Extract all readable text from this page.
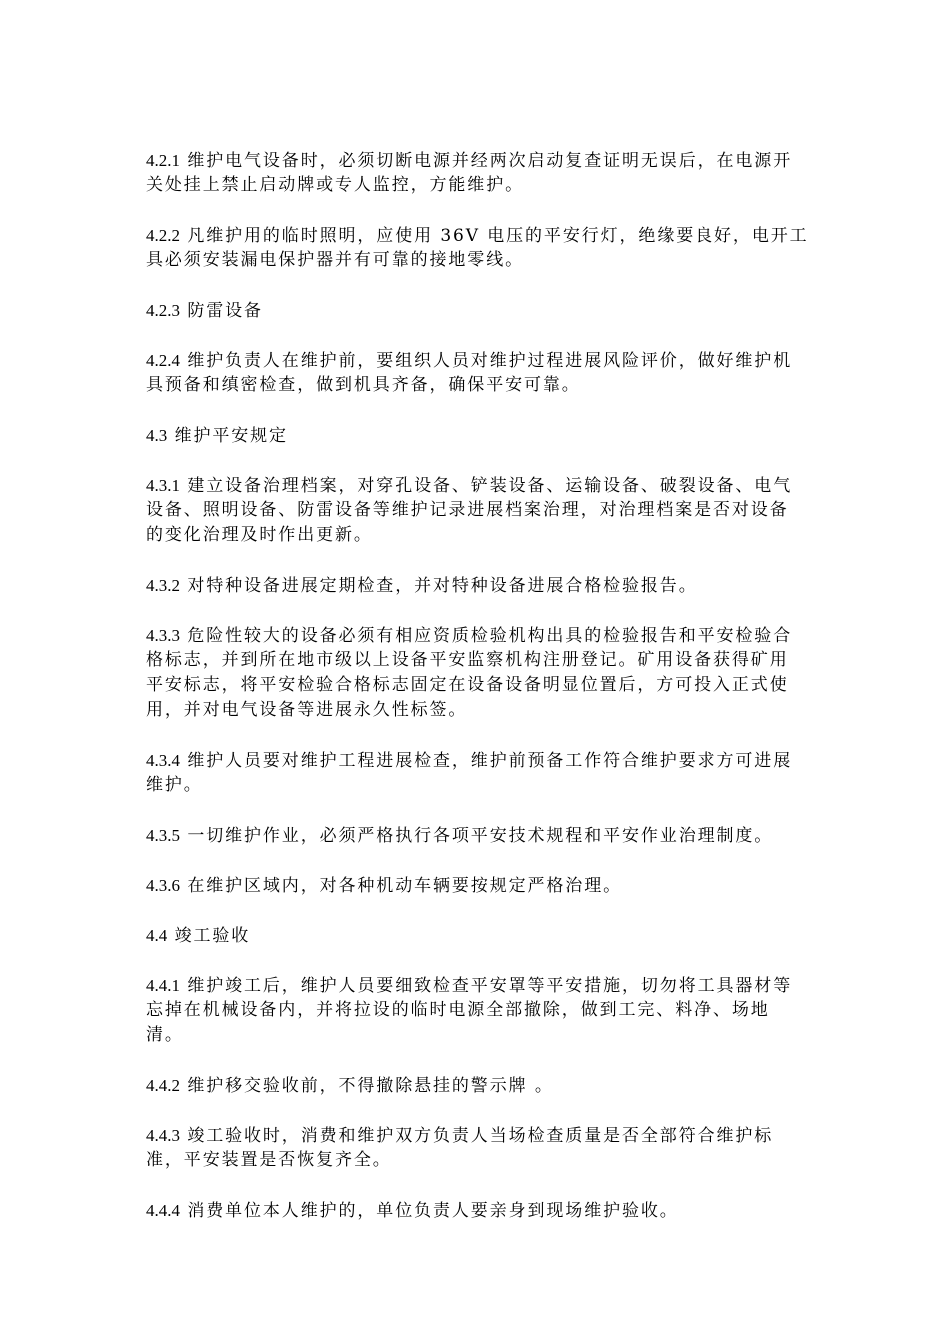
4.2.1 维护电气设备时，必须切断电源并经两次启动复查证明无误后，在电源开
关处挂上禁止启动牌或专人监控，方能维护。

4.2.2 凡维护用的临时照明，应使用 36V 电压的平安行灯，绝缘要良好，电开工
具必须安装漏电保护器并有可靠的接地零线。

4.2.3 防雷设备

4.2.4 维护负责人在维护前，要组织人员对维护过程进展风险评价，做好维护机
具预备和缜密检查，做到机具齐备，确保平安可靠。

4.3 维护平安规定

4.3.1 建立设备治理档案，对穿孔设备、铲装设备、运输设备、破裂设备、电气
设备、照明设备、防雷设备等维护记录进展档案治理，对治理档案是否对设备
的变化治理及时作出更新。

4.3.2 对特种设备进展定期检查，并对特种设备进展合格检验报告。

4.3.3 危险性较大的设备必须有相应资质检验机构出具的检验报告和平安检验合
格标志，并到所在地市级以上设备平安监察机构注册登记。矿用设备获得矿用
平安标志，将平安检验合格标志固定在设备设备明显位置后，方可投入正式使
用，并对电气设备等进展永久性标签。

4.3.4 维护人员要对维护工程进展检查，维护前预备工作符合维护要求方可进展
维护。

4.3.5 一切维护作业，必须严格执行各项平安技术规程和平安作业治理制度。

4.3.6 在维护区域内，对各种机动车辆要按规定严格治理。

4.4 竣工验收

4.4.1 维护竣工后，维护人员要细致检查平安罩等平安措施，切勿将工具器材等
忘掉在机械设备内，并将拉设的临时电源全部撤除，做到工完、料净、场地
清。

4.4.2 维护移交验收前，不得撤除悬挂的警示牌 。

4.4.3 竣工验收时，消费和维护双方负责人当场检查质量是否全部符合维护标
准，平安装置是否恢复齐全。

4.4.4 消费单位本人维护的，单位负责人要亲身到现场维护验收。
